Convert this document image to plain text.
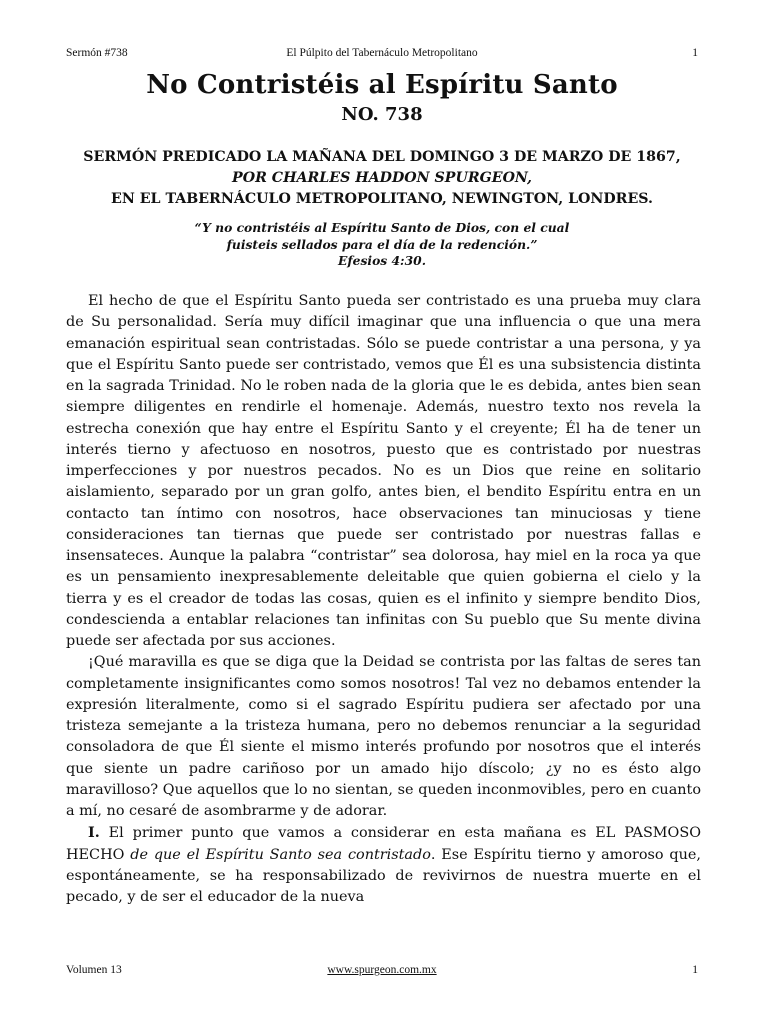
El Púlpito del Tabernáculo Metropolitano
Sermón #738	1
No Contristéis al Espíritu Santo
NO. 738
SERMÓN PREDICADO LA MAÑANA DEL DOMINGO 3 DE MARZO DE 1867,
POR CHARLES HADDON SPURGEON,
EN EL TABERNÁCULO METROPOLITANO, NEWINGTON, LONDRES.
“Y no contristéis al Espíritu Santo de Dios, con el cual
fuisteis sellados para el día de la redención.”
Efesios 4:30.

El hecho de que el Espíritu Santo pueda ser contristado es una prueba muy clara de Su personalidad. Sería muy difícil imaginar que una influencia o que una mera emanación espiritual sean contristadas. Sólo se puede contristar a una persona, y ya que el Espíritu Santo puede ser contristado, vemos que Él es una subsistencia distinta en la sagrada Trinidad. No le roben nada de la gloria que le es debida, antes bien sean siempre diligentes en rendirle el homenaje. Además, nuestro texto nos revela la estrecha conexión que hay entre el Espíritu Santo y el creyente; Él ha de tener un interés tierno y afectuoso en nosotros, puesto que es contristado por nuestras imperfecciones y por nuestros pecados. No es un Dios que reine en solitario aislamiento, separado por un gran golfo, antes bien, el bendito Espíritu entra en un contacto tan íntimo con nosotros, hace observaciones tan minuciosas y tiene consideraciones tan tiernas que puede ser contristado por nuestras fallas e insensateces. Aunque la palabra “contristar” sea dolorosa, hay miel en la roca ya que es un pensamiento inexpresablemente deleitable que quien gobierna el cielo y la tierra y es el creador de todas las cosas, quien es el infinito y siempre bendito Dios, condescienda a entablar relaciones tan infinitas con Su pueblo que Su mente divina puede ser afectada por sus acciones.

¡Qué maravilla es que se diga que la Deidad se contrista por las faltas de seres tan completamente insignificantes como somos nosotros! Tal vez no debamos entender la expresión literalmente, como si el sagrado Espíritu pudiera ser afectado por una tristeza semejante a la tristeza humana, pero no debemos renunciar a la seguridad consoladora de que Él siente el mismo interés profundo por nosotros que el interés que siente un padre cariñoso por un amado hijo díscolo; ¿y no es ésto algo maravilloso? Que aquellos que lo no sientan, se queden inconmovibles, pero en cuanto a mí, no cesaré de asombrarme y de adorar.

I. El primer punto que vamos a considerar en esta mañana es EL PASMOSO HECHO de que el Espíritu Santo sea contristado. Ese Espíritu tierno y amoroso que, espontáneamente, se ha responsabilizado de revivirnos de nuestra muerte en el pecado, y de ser el educador de la nueva

www.spurgeon.com.mx
Volumen 13	1
